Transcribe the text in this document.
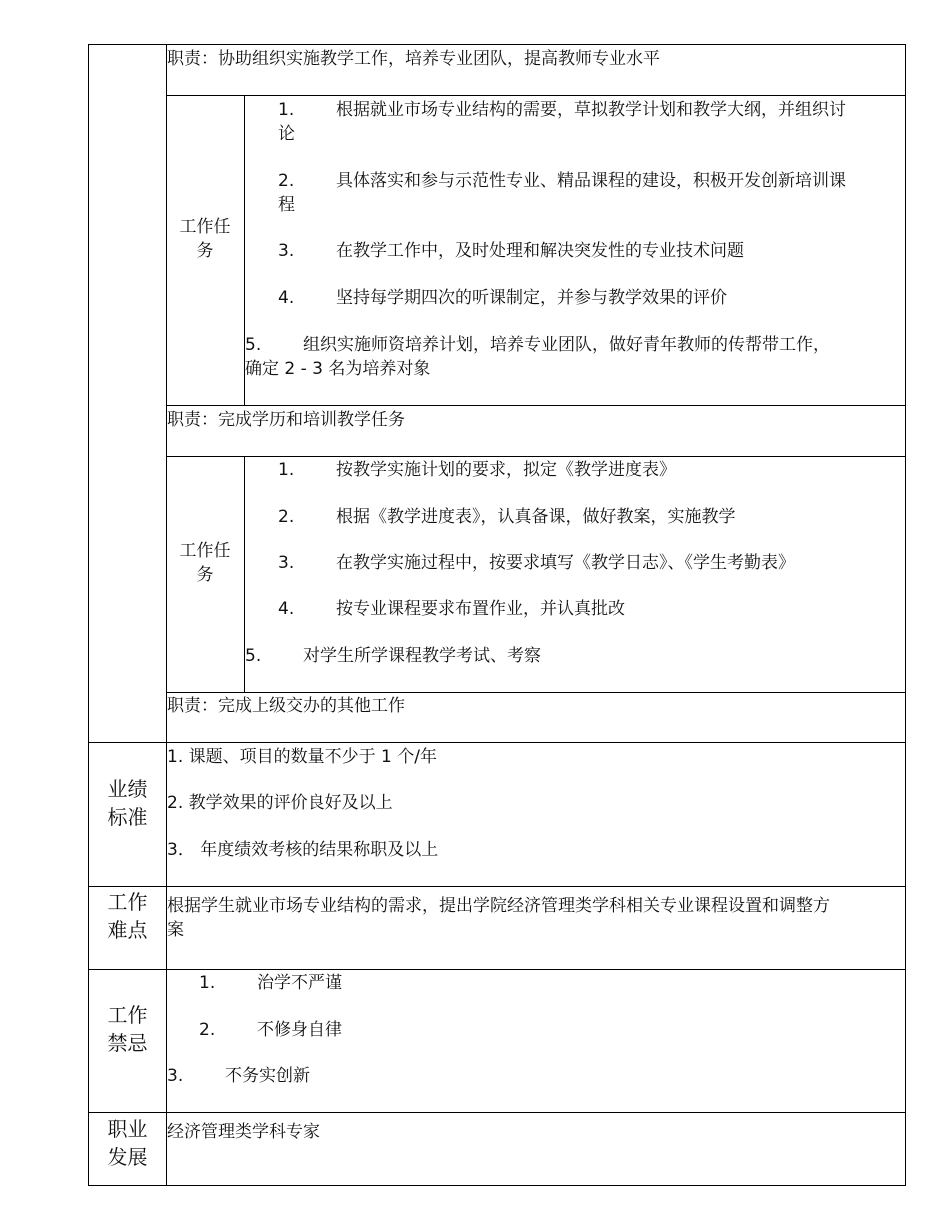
职责：协助组织实施教学工作，培养专业团队，提高教师专业水平
工作任务
1. 根据就业市场专业结构的需要，草拟教学计划和教学大纲，并组织讨
论
2. 具体落实和参与示范性专业、精品课程的建设，积极开发创新培训课
程
3. 在教学工作中，及时处理和解决突发性的专业技术问题
4. 坚持每学期四次的听课制定，并参与教学效果的评价
5. 组织实施师资培养计划，培养专业团队，做好青年教师的传帮带工作，
确定 2 - 3 名为培养对象
职责：完成学历和培训教学任务
工作任务
1. 按教学实施计划的要求，拟定《教学进度表》
2. 根据《教学进度表》，认真备课，做好教案，实施教学
3. 在教学实施过程中，按要求填写《教学日志》、《学生考勤表》
4. 按专业课程要求布置作业，并认真批改
5. 对学生所学课程教学考试、考察
职责：完成上级交办的其他工作
业绩
标准
1. 课题、项目的数量不少于 1 个/年
2. 教学效果的评价良好及以上
3． 年度绩效考核的结果称职及以上
工作
难点
根据学生就业市场专业结构的需求，提出学院经济管理类学科相关专业课程设置和调整方
案
工作
禁忌
1. 治学不严谨
2. 不修身自律
3. 不务实创新
职业
发展
经济管理类学科专家
